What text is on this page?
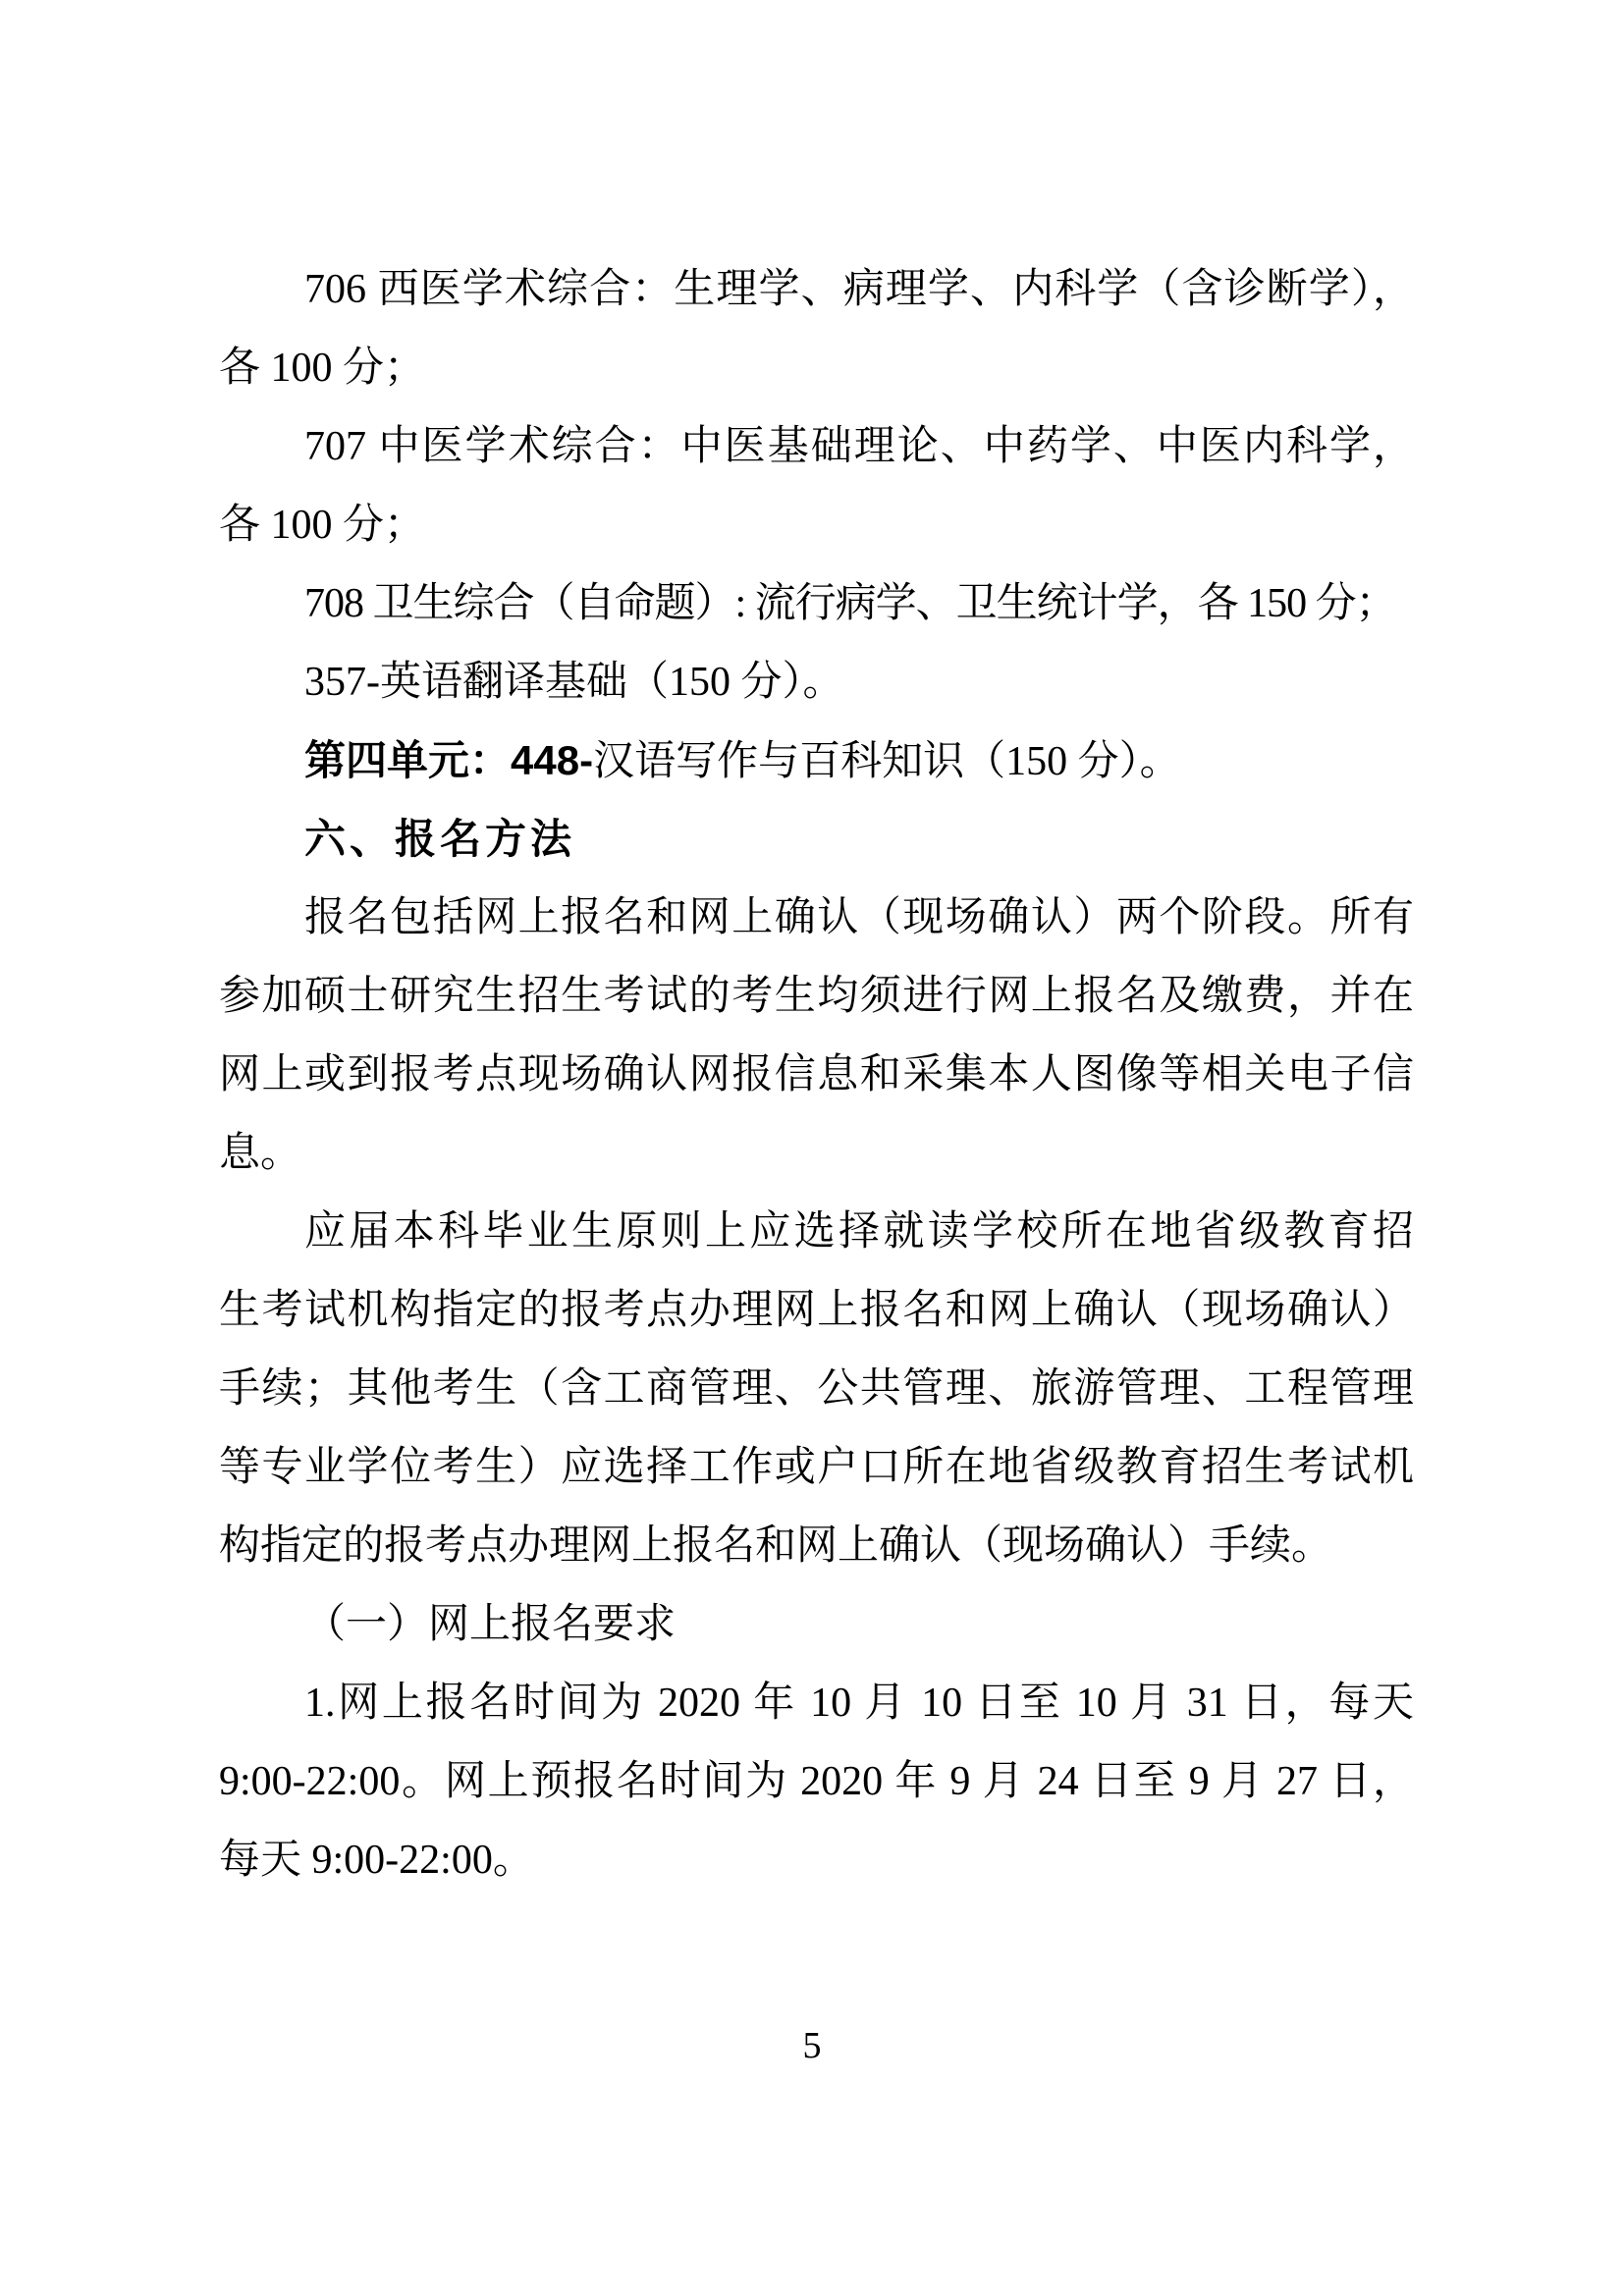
706 西医学术综合：生理学、病理学、内科学（含诊断学），
各 100 分；
707 中医学术综合：中医基础理论、中药学、中医内科学，
各 100 分；
708 卫生综合（自命题）: 流行病学、卫生统计学，各 150 分；
357-英语翻译基础（150 分）。
第四单元：448-汉语写作与百科知识（150 分）。
六、报名方法
报名包括网上报名和网上确认（现场确认）两个阶段。所有
参加硕士研究生招生考试的考生均须进行网上报名及缴费，并在
网上或到报考点现场确认网报信息和采集本人图像等相关电子信
息。
应届本科毕业生原则上应选择就读学校所在地省级教育招
生考试机构指定的报考点办理网上报名和网上确认（现场确认）
手续；其他考生（含工商管理、公共管理、旅游管理、工程管理
等专业学位考生）应选择工作或户口所在地省级教育招生考试机
构指定的报考点办理网上报名和网上确认（现场确认）手续。
（一）网上报名要求
1.网上报名时间为 2020 年 10 月 10 日至 10 月 31 日，每天
9:00-22:00。网上预报名时间为 2020 年 9 月 24 日至 9 月 27 日，
每天 9:00-22:00。
5
